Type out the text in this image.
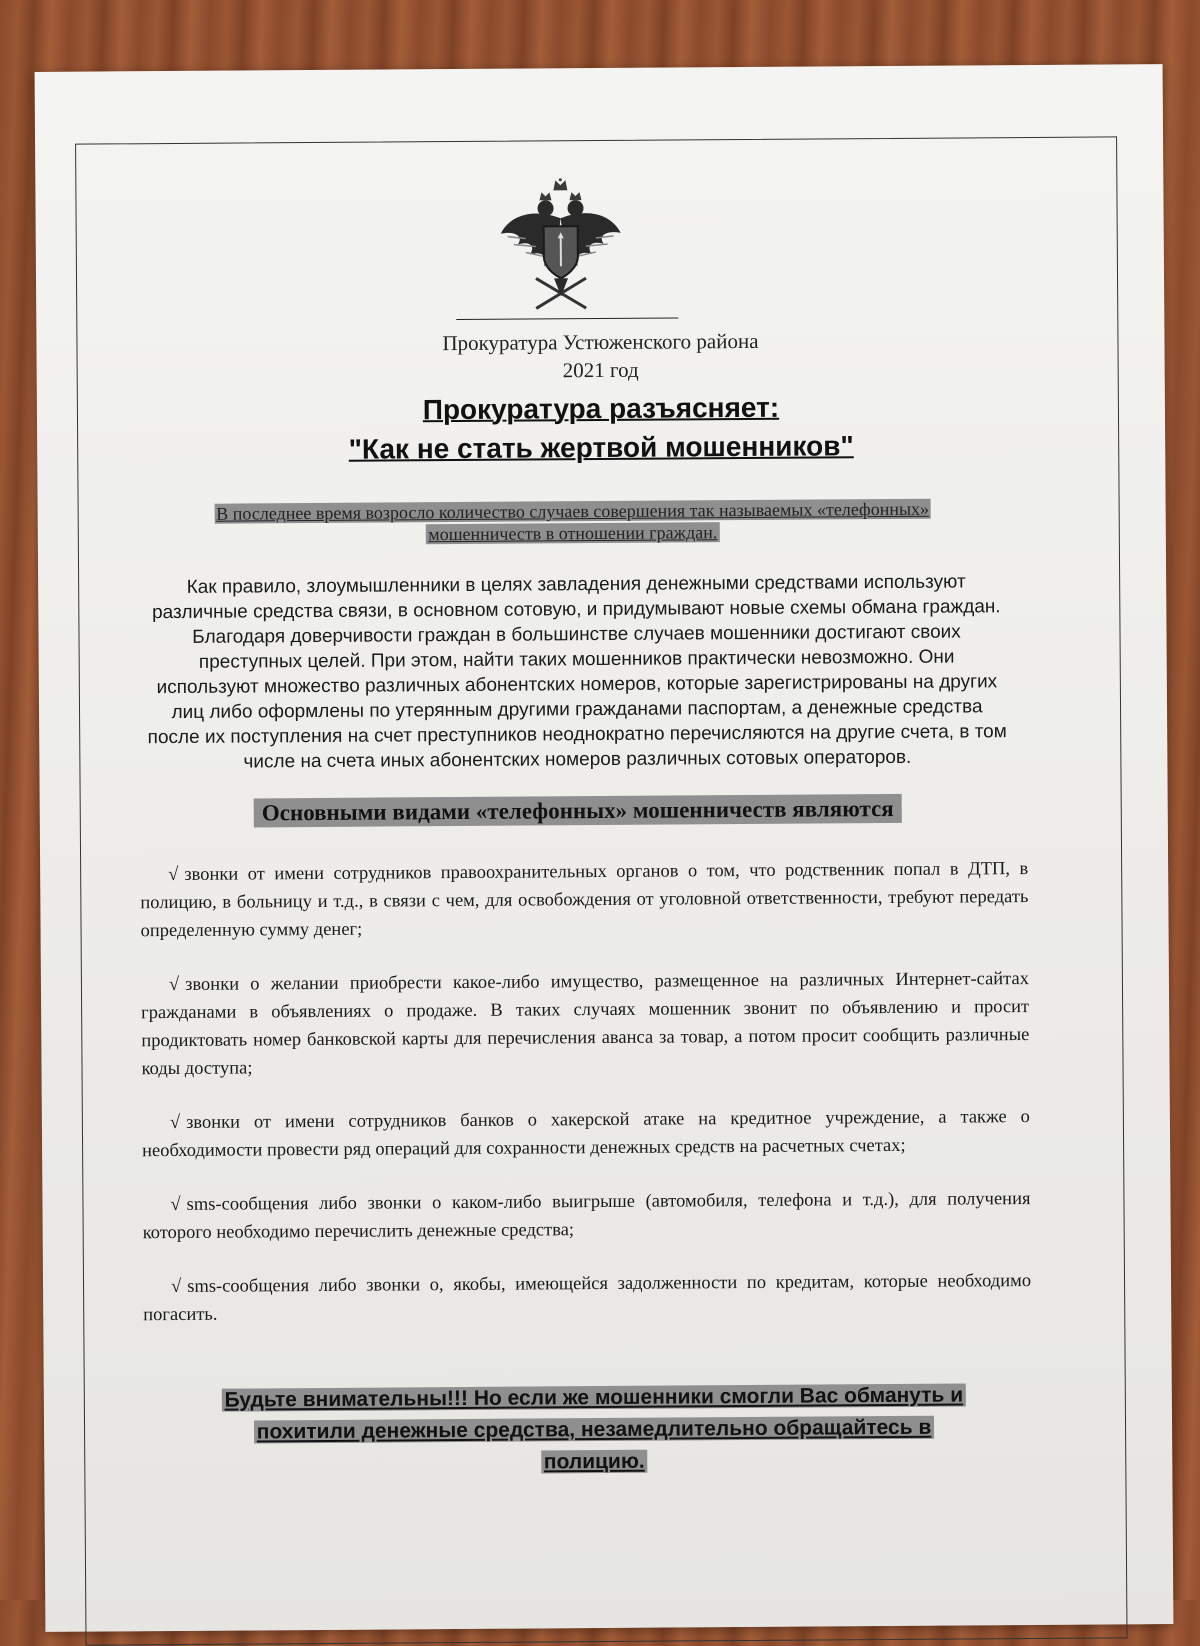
Прокуратура Устюженского района
2021 год
Прокуратура разъясняет:
"Как не стать жертвой мошенников"
В последнее время возросло количество случаев совершения так называемых «телефонных» мошенничеств в отношении граждан.
Как правило, злоумышленники в целях завладения денежными средствами используют различные средства связи, в основном сотовую, и придумывают новые схемы обмана граждан. Благодаря доверчивости граждан в большинстве случаев мошенники достигают своих преступных целей. При этом, найти таких мошенников практически невозможно. Они используют множество различных абонентских номеров, которые зарегистрированы на других лиц либо оформлены по утерянным другими гражданами паспортам, а денежные средства после их поступления на счет преступников неоднократно перечисляются на другие счета, в том числе на счета иных абонентских номеров различных сотовых операторов.
Основными видами «телефонных» мошенничеств являются

√ звонки от имени сотрудников правоохранительных органов о том, что родственник попал в ДТП, в полицию, в больницу и т.д., в связи с чем, для освобождения от уголовной ответственности, требуют передать определенную сумму денег;

√ звонки о желании приобрести какое-либо имущество, размещенное на различных Интернет-сайтах гражданами в объявлениях о продаже. В таких случаях мошенник звонит по объявлению и просит продиктовать номер банковской карты для перечисления аванса за товар, а потом просит сообщить различные коды доступа;

√ звонки от имени сотрудников банков о хакерской атаке на кредитное учреждение, а также о необходимости провести ряд операций для сохранности денежных средств на расчетных счетах;

√ sms-сообщения либо звонки о каком-либо выигрыше (автомобиля, телефона и т.д.), для получения которого необходимо перечислить денежные средства;

√ sms-сообщения либо звонки о, якобы, имеющейся задолженности по кредитам, которые необходимо погасить.

Будьте внимательны!!! Но если же мошенники смогли Вас обмануть и похитили денежные средства, незамедлительно обращайтесь в полицию.
